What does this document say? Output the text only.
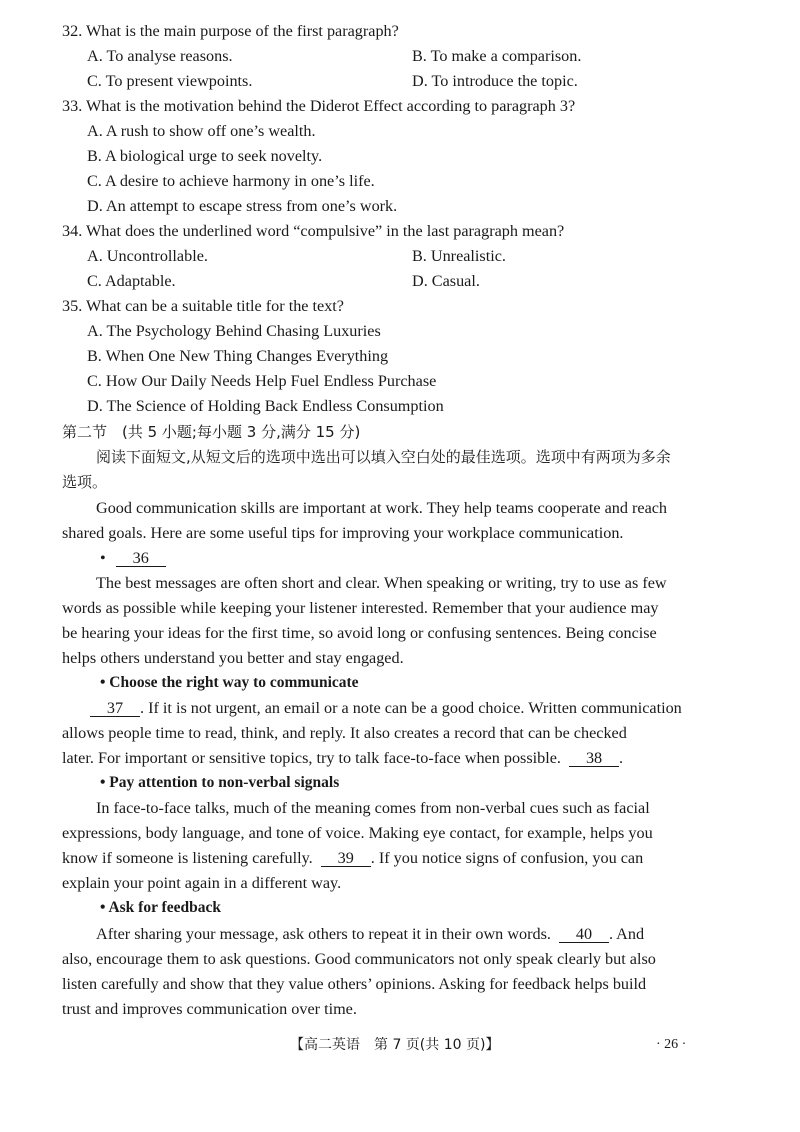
32. What is the main purpose of the first paragraph?
A. To analyse reasons.	B. To make a comparison.
C. To present viewpoints.	D. To introduce the topic.
33. What is the motivation behind the Diderot Effect according to paragraph 3?
A. A rush to show off one’s wealth.
B. A biological urge to seek novelty.
C. A desire to achieve harmony in one’s life.
D. An attempt to escape stress from one’s work.
34. What does the underlined word “compulsive” in the last paragraph mean?
A. Uncontrollable.	B. Unrealistic.
C. Adaptable.	D. Casual.
35. What can be a suitable title for the text?
A. The Psychology Behind Chasing Luxuries
B. When One New Thing Changes Everything
C. How Our Daily Needs Help Fuel Endless Purchase
D. The Science of Holding Back Endless Consumption
第二节　(共 5 小题;每小题 3 分,满分 15 分)
阅读下面短文,从短文后的选项中选出可以填入空白处的最佳选项。选项中有两项为多余
选项。
Good communication skills are important at work. They help teams cooperate and reach
shared goals. Here are some useful tips for improving your workplace communication.
• 36
The best messages are often short and clear. When speaking or writing, try to use as few
words as possible while keeping your listener interested. Remember that your audience may
be hearing your ideas for the first time, so avoid long or confusing sentences. Being concise
helps others understand you better and stay engaged.
• Choose the right way to communicate
37 . If it is not urgent, an email or a note can be a good choice. Written communication
allows people time to read, think, and reply. It also creates a record that can be checked
later. For important or sensitive topics, try to talk face-to-face when possible. 38 .
• Pay attention to non-verbal signals
In face-to-face talks, much of the meaning comes from non-verbal cues such as facial
expressions, body language, and tone of voice. Making eye contact, for example, helps you
know if someone is listening carefully. 39 . If you notice signs of confusion, you can
explain your point again in a different way.
• Ask for feedback
After sharing your message, ask others to repeat it in their own words. 40 . And
also, encourage them to ask questions. Good communicators not only speak clearly but also
listen carefully and show that they value others’ opinions. Asking for feedback helps build
trust and improves communication over time.
【高二英语　第 7 页(共 10 页)】	· 26 ·
